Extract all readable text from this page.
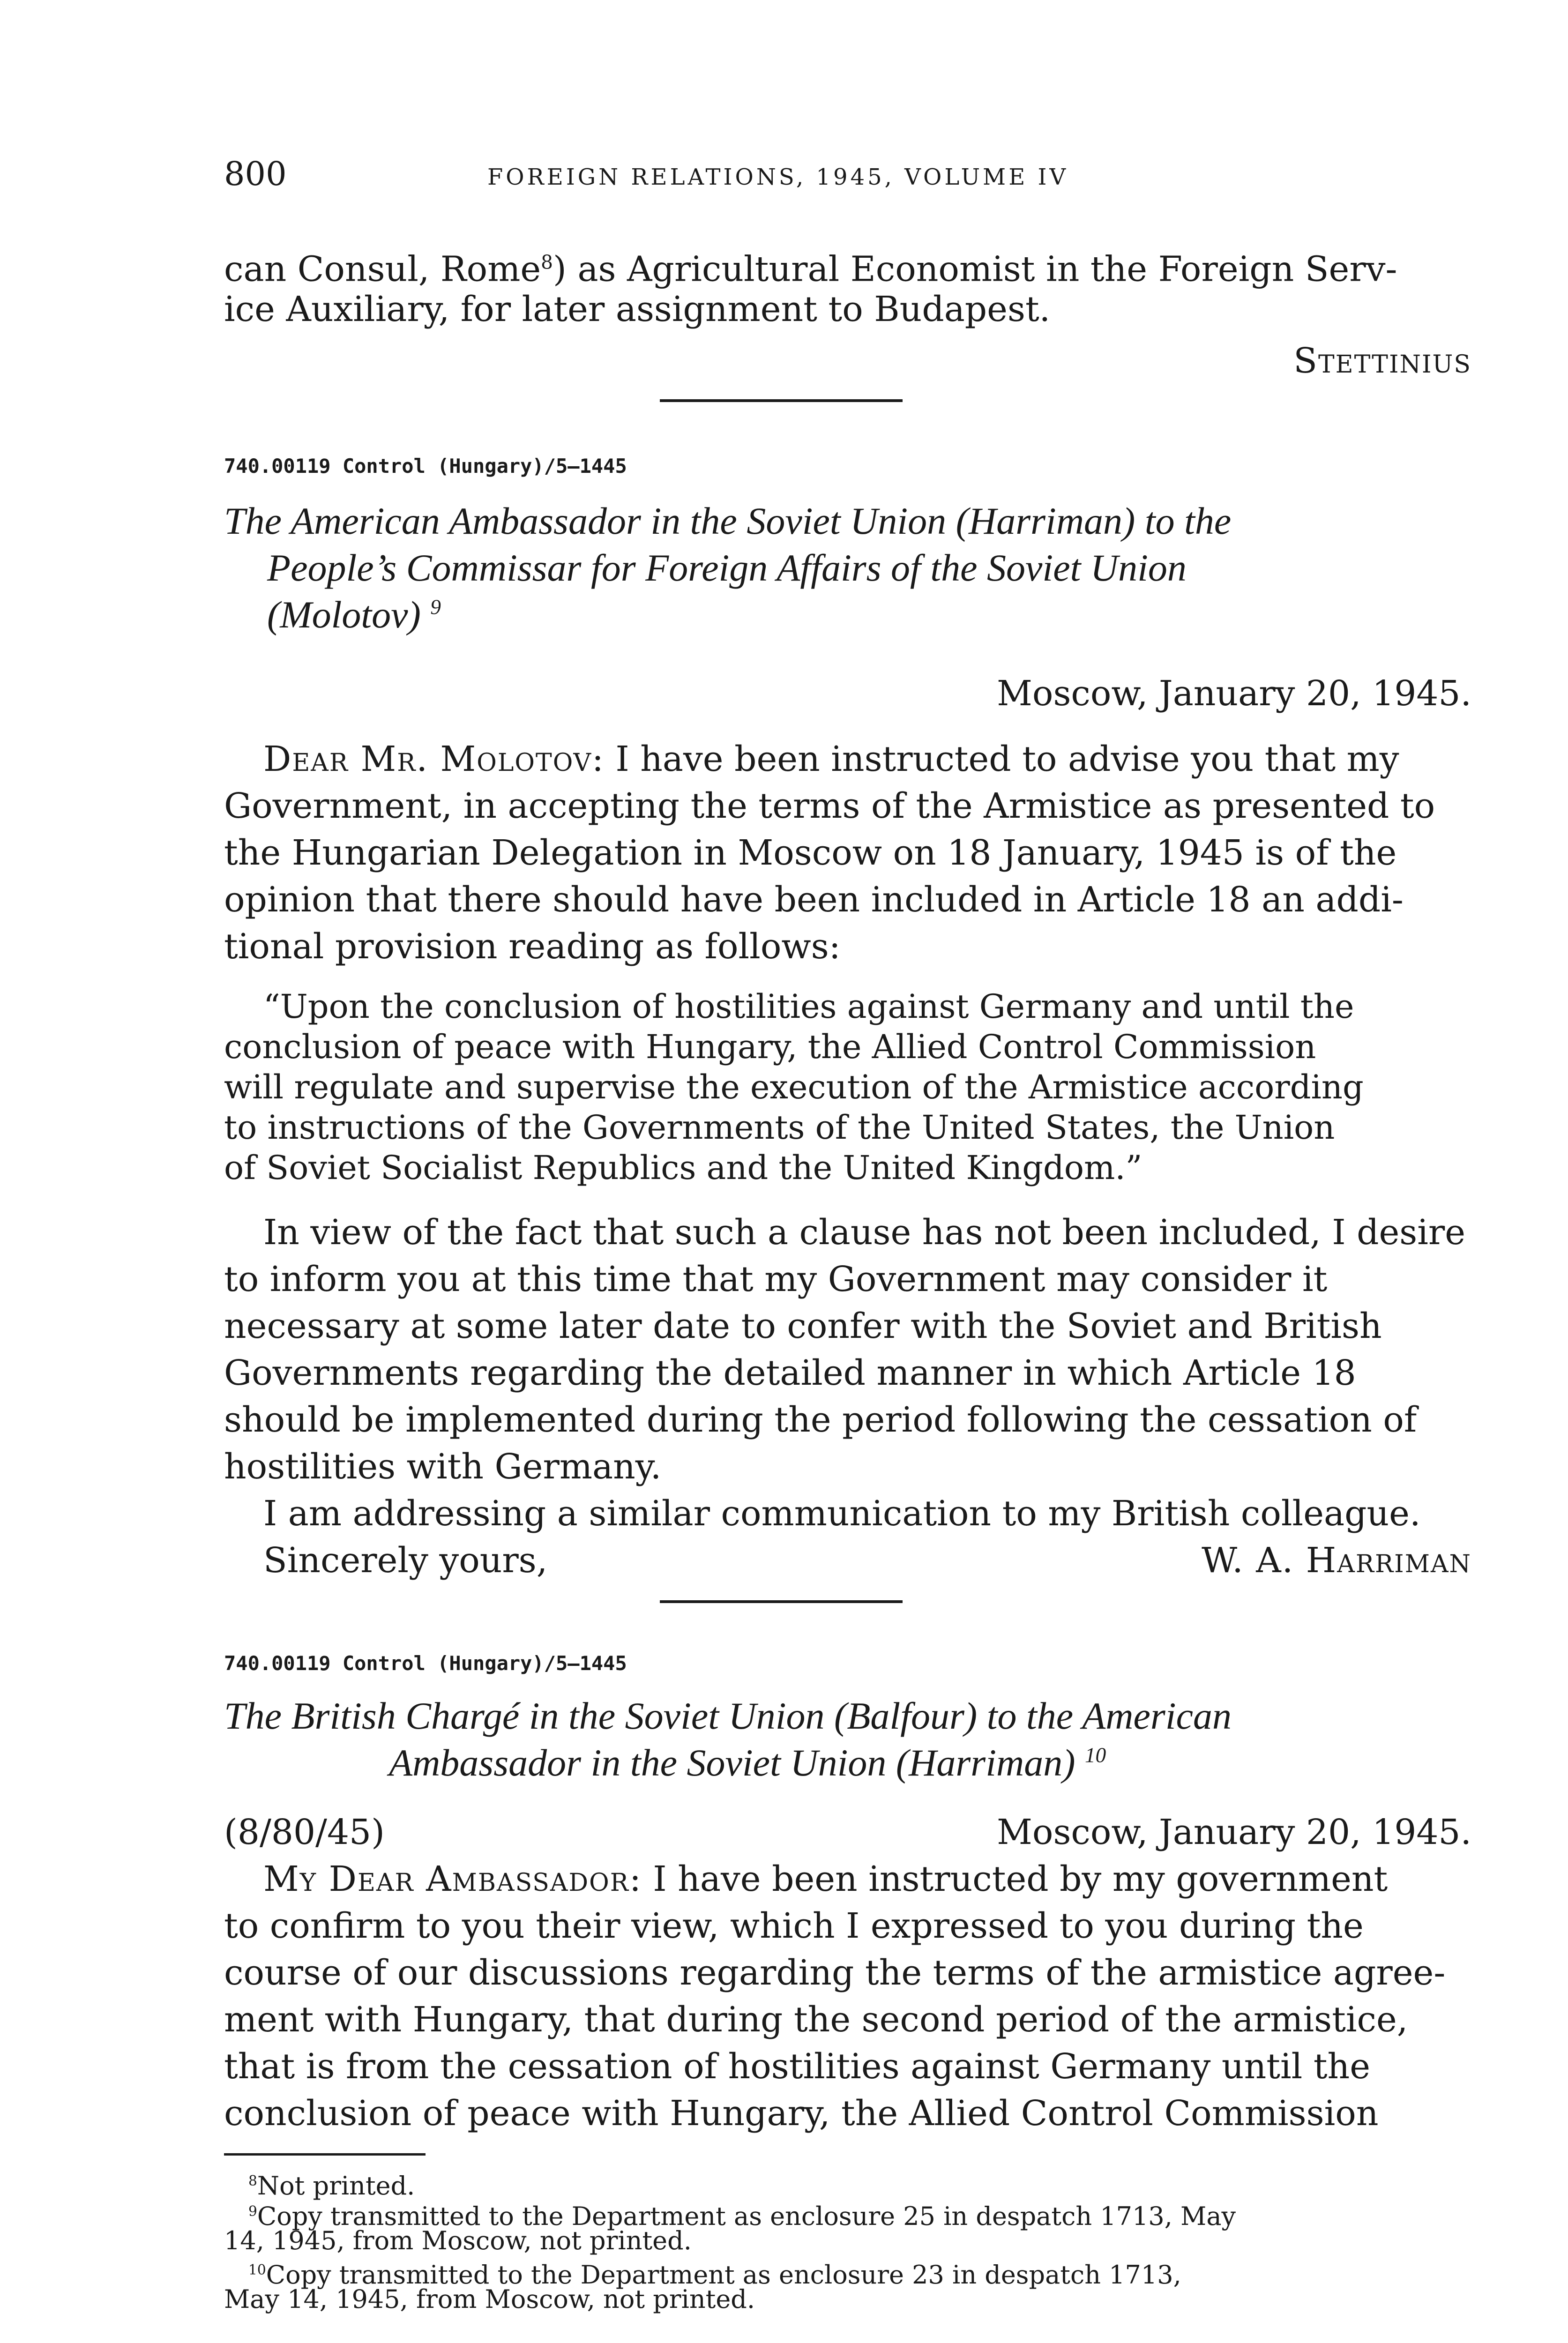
800	FOREIGN RELATIONS, 1945, VOLUME IV
can Consul, Rome$^8$) as Agricultural Economist in the Foreign Serv-
ice Auxiliary, for later assignment to Budapest.
Stettinius
740.00119 Control (Hungary)/5–1445
The American Ambassador in the Soviet Union (Harriman) to the
People’s Commissar for Foreign Affairs of the Soviet Union
(Molotov) $^9$
Moscow, January 20, 1945.
Dear Mr. Molotov: I have been instructed to advise you that my
Government, in accepting the terms of the Armistice as presented to
the Hungarian Delegation in Moscow on 18 January, 1945 is of the
opinion that there should have been included in Article 18 an addi-
tional provision reading as follows:
“Upon the conclusion of hostilities against Germany and until the
conclusion of peace with Hungary, the Allied Control Commission
will regulate and supervise the execution of the Armistice according
to instructions of the Governments of the United States, the Union
of Soviet Socialist Republics and the United Kingdom.”
In view of the fact that such a clause has not been included, I desire
to inform you at this time that my Government may consider it
necessary at some later date to confer with the Soviet and British
Governments regarding the detailed manner in which Article 18
should be implemented during the period following the cessation of
hostilities with Germany.
I am addressing a similar communication to my British colleague.
Sincerely yours,	W. A. Harriman
740.00119 Control (Hungary)/5–1445
The British Chargé in the Soviet Union (Balfour) to the American
Ambassador in the Soviet Union (Harriman) $^{10}$
(8/80/45)	Moscow, January 20, 1945.
My Dear Ambassador: I have been instructed by my government
to confirm to you their view, which I expressed to you during the
course of our discussions regarding the terms of the armistice agree-
ment with Hungary, that during the second period of the armistice,
that is from the cessation of hostilities against Germany until the
conclusion of peace with Hungary, the Allied Control Commission
$^8$Not printed.
$^9$Copy transmitted to the Department as enclosure 25 in despatch 1713, May
14, 1945, from Moscow, not printed.
$^{10}$Copy transmitted to the Department as enclosure 23 in despatch 1713,
May 14, 1945, from Moscow, not printed.
